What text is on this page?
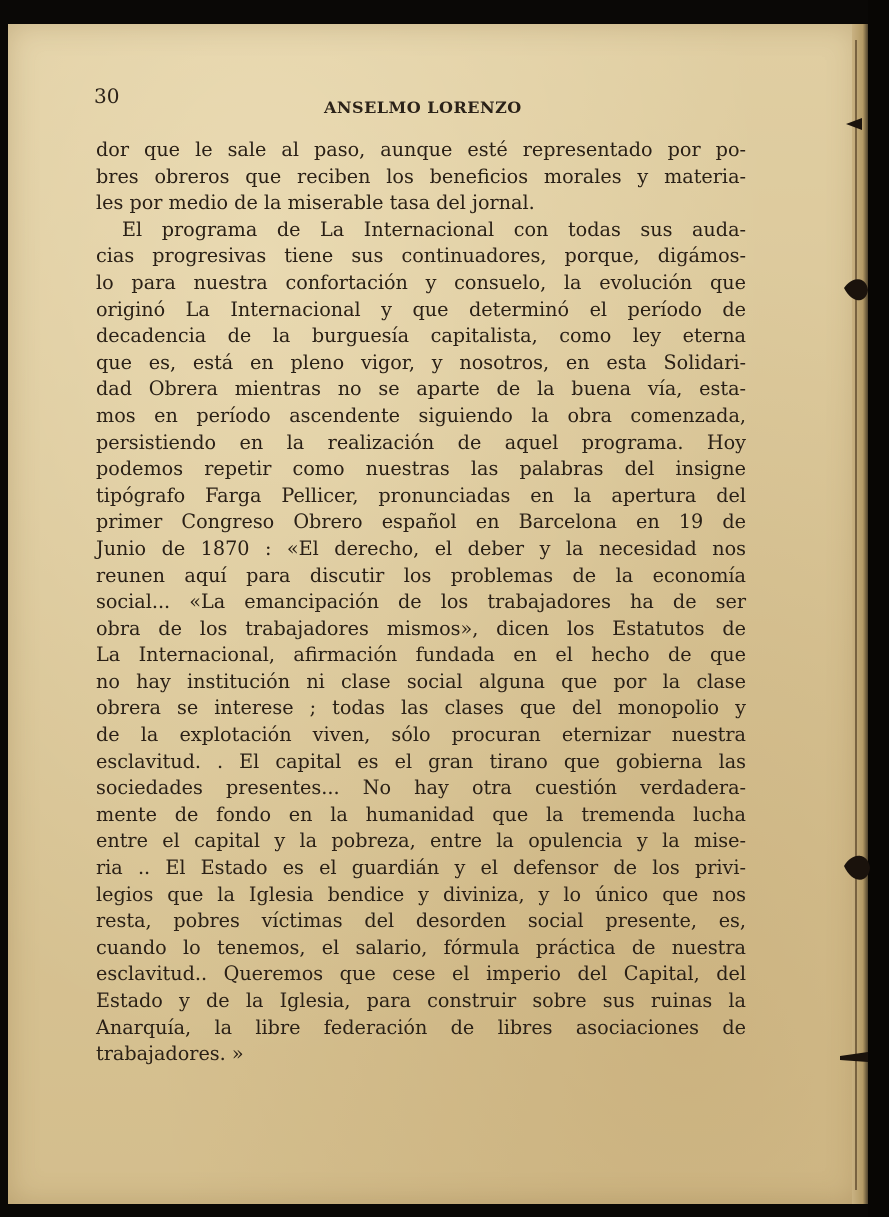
30	ANSELMO LORENZO
dor que le sale al paso, aunque esté representado por po-
bres obreros que reciben los beneficios morales y materia-
les por medio de la miserable tasa del jornal.
El programa de La Internacional con todas sus auda-
cias progresivas tiene sus continuadores, porque, digámos-
lo para nuestra confortación y consuelo, la evolución que
originó La Internacional y que determinó el período de
decadencia de la burguesía capitalista, como ley eterna
que es, está en pleno vigor, y nosotros, en esta Solidari-
dad Obrera mientras no se aparte de la buena vía, esta-
mos en período ascendente siguiendo la obra comenzada,
persistiendo en la realización de aquel programa. Hoy
podemos repetir como nuestras las palabras del insigne
tipógrafo Farga Pellicer, pronunciadas en la apertura del
primer Congreso Obrero español en Barcelona en 19 de
Junio de 1870 : «El derecho, el deber y la necesidad nos
reunen aquí para discutir los problemas de la economía
social... «La emancipación de los trabajadores ha de ser
obra de los trabajadores mismos», dicen los Estatutos de
La Internacional, afirmación fundada en el hecho de que
no hay institución ni clase social alguna que por la clase
obrera se interese ; todas las clases que del monopolio y
de la explotación viven, sólo procuran eternizar nuestra
esclavitud. . El capital es el gran tirano que gobierna las
sociedades presentes... No hay otra cuestión verdadera-
mente de fondo en la humanidad que la tremenda lucha
entre el capital y la pobreza, entre la opulencia y la mise-
ria .. El Estado es el guardián y el defensor de los privi-
legios que la Iglesia bendice y diviniza, y lo único que nos
resta, pobres víctimas del desorden social presente, es,
cuando lo tenemos, el salario, fórmula práctica de nuestra
esclavitud.. Queremos que cese el imperio del Capital, del
Estado y de la Iglesia, para construir sobre sus ruinas la
Anarquía, la libre federación de libres asociaciones de
trabajadores. »
